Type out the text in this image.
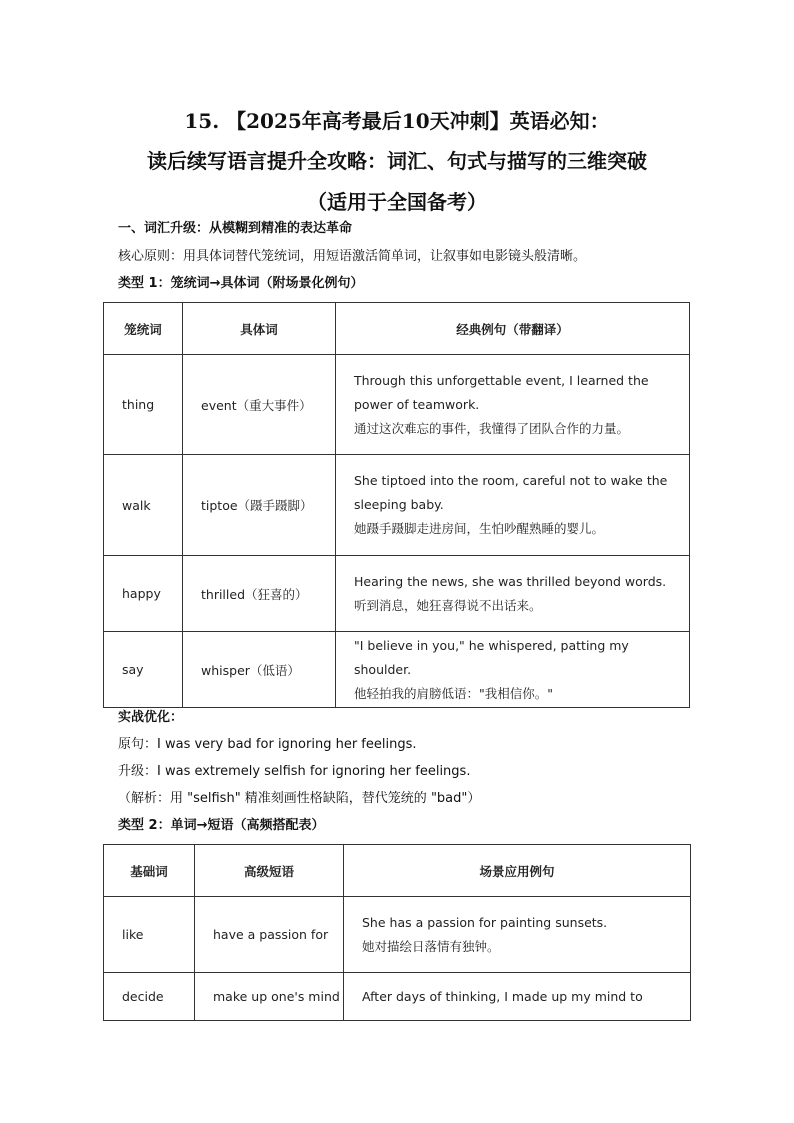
15. 【2025年高考最后10天冲刺】英语必知：
读后续写语言提升全攻略：词汇、句式与描写的三维突破
（适用于全国备考）
一、词汇升级：从模糊到精准的表达革命
核心原则：用具体词替代笼统词，用短语激活简单词，让叙事如电影镜头般清晰。
类型 1：笼统词→具体词（附场景化例句）
笼统词	具体词	经典例句（带翻译）
thing	event（重大事件）	Through this unforgettable event, I learned the power of teamwork.
通过这次难忘的事件，我懂得了团队合作的力量。

walk	tiptoe（蹑手蹑脚）	She tiptoed into the room, careful not to wake the sleeping baby.
她蹑手蹑脚走进房间，生怕吵醒熟睡的婴儿。

happy	thrilled（狂喜的）	Hearing the news, she was thrilled beyond words.
听到消息，她狂喜得说不出话来。

say	whisper（低语）	"I believe in you," he whispered, patting my shoulder.
他轻拍我的肩膀低语："我相信你。"
实战优化：
原句：I was very bad for ignoring her feelings.
升级：I was extremely selfish for ignoring her feelings.
（解析：用 "selfish" 精准刻画性格缺陷，替代笼统的 "bad"）
类型 2：单词→短语（高频搭配表）
基础词	高级短语	场景应用例句
like	have a passion for	She has a passion for painting sunsets.
她对描绘日落情有独钟。

decide	make up one's mind	After days of thinking, I made up my mind to
